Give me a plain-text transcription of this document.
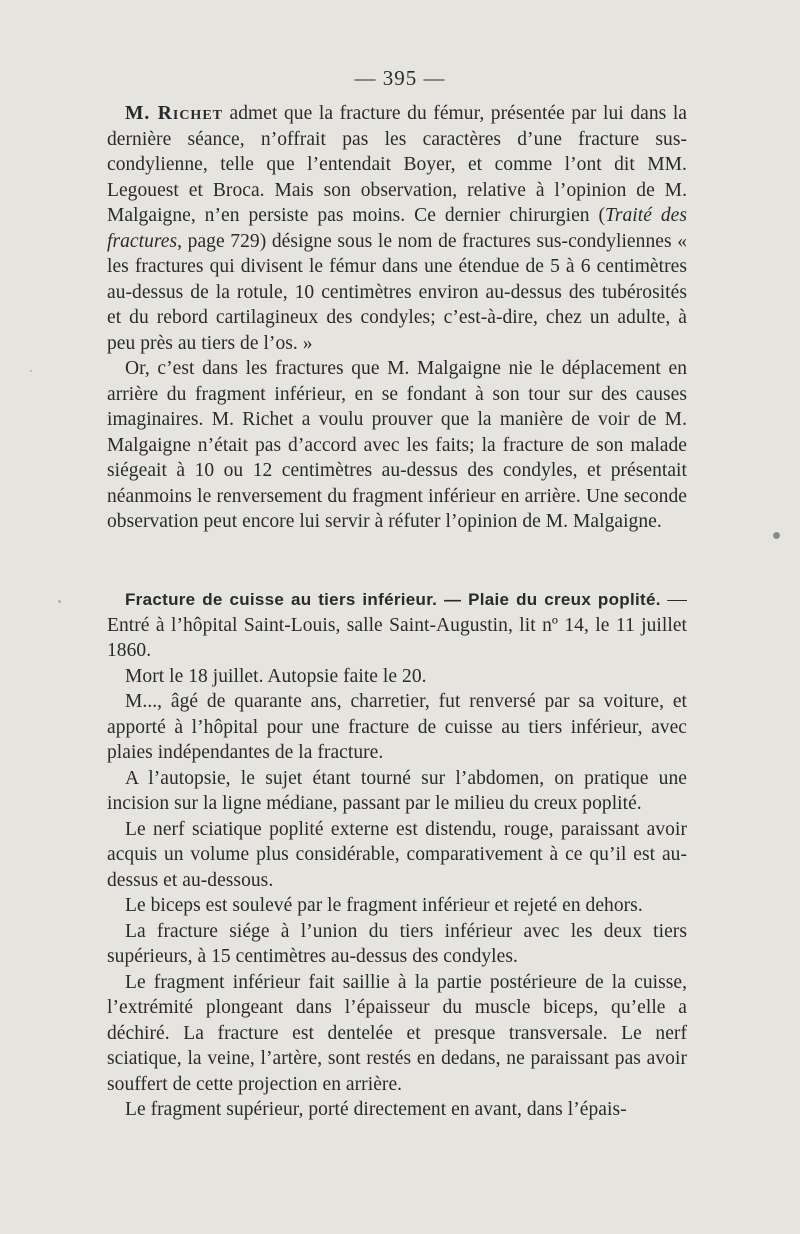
— 395 —

M. Richet admet que la fracture du fémur, présentée par lui dans la dernière séance, n’offrait pas les caractères d’une fracture sus-condylienne, telle que l’entendait Boyer, et comme l’ont dit MM. Legouest et Broca. Mais son observation, relative à l’opinion de M. Malgaigne, n’en persiste pas moins. Ce dernier chirurgien (Traité des fractures, page 729) désigne sous le nom de fractures sus-condyliennes « les fractures qui divisent le fémur dans une étendue de 5 à 6 centimètres au-dessus de la rotule, 10 centimètres environ au-dessus des tubérosités et du rebord cartilagineux des condyles; c’est-à-dire, chez un adulte, à peu près au tiers de l’os. »

Or, c’est dans les fractures que M. Malgaigne nie le déplacement en arrière du fragment inférieur, en se fondant à son tour sur des causes imaginaires. M. Richet a voulu prouver que la manière de voir de M. Malgaigne n’était pas d’accord avec les faits; la fracture de son malade siégeait à 10 ou 12 centimètres au-dessus des condyles, et présentait néanmoins le renversement du fragment inférieur en arrière. Une seconde observation peut encore lui servir à réfuter l’opinion de M. Malgaigne.

Fracture de cuisse au tiers inférieur. — Plaie du creux poplité. — Entré à l’hôpital Saint-Louis, salle Saint-Augustin, lit nº 14, le 11 juillet 1860.

Mort le 18 juillet. Autopsie faite le 20.

M..., âgé de quarante ans, charretier, fut renversé par sa voiture, et apporté à l’hôpital pour une fracture de cuisse au tiers inférieur, avec plaies indépendantes de la fracture.

A l’autopsie, le sujet étant tourné sur l’abdomen, on pratique une incision sur la ligne médiane, passant par le milieu du creux poplité.

Le nerf sciatique poplité externe est distendu, rouge, paraissant avoir acquis un volume plus considérable, comparativement à ce qu’il est au-dessus et au-dessous.

Le biceps est soulevé par le fragment inférieur et rejeté en dehors.

La fracture siége à l’union du tiers inférieur avec les deux tiers supérieurs, à 15 centimètres au-dessus des condyles.

Le fragment inférieur fait saillie à la partie postérieure de la cuisse, l’extrémité plongeant dans l’épaisseur du muscle biceps, qu’elle a déchiré. La fracture est dentelée et presque transversale. Le nerf sciatique, la veine, l’artère, sont restés en dedans, ne paraissant pas avoir souffert de cette projection en arrière.

Le fragment supérieur, porté directement en avant, dans l’épais-
